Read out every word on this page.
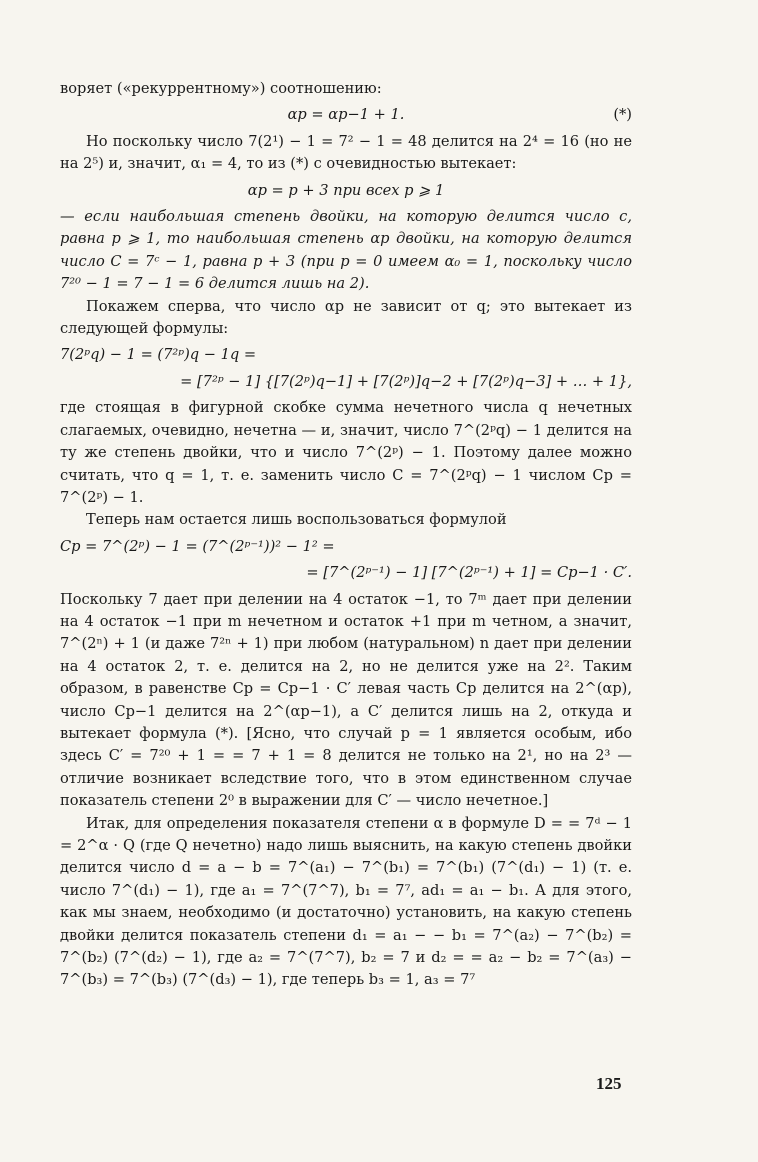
воряет («рекуррентному») соотношению:

αp = αp−1 + 1.	(*)

Но поскольку число 7(2¹) − 1 = 7² − 1 = 48 делится на 2⁴ = 16 (но не на 2⁵) и, значит, α₁ = 4, то из (*) с очевидностью вытекает:

αp = p + 3 при всех p ⩾ 1

— если наибольшая степень двойки, на которую делится число c, равна p ⩾ 1, то наибольшая степень αp двойки, на которую делится число C = 7ᶜ − 1, равна p + 3 (при p = 0 имеем α₀ = 1, поскольку число 7²⁰ − 1 = 7 − 1 = 6 делится лишь на 2).

Покажем сперва, что число αp не зависит от q; это вытекает из следующей формулы:

7(2ᵖq) − 1 = (7²ᵖ)q − 1q =
= [7²ᵖ − 1] {[7(2ᵖ)q−1] + [7(2ᵖ)]q−2 + [7(2ᵖ)q−3] + … + 1},

где стоящая в фигурной скобке сумма нечетного числа q нечетных слагаемых, очевидно, нечетна — и, значит, число 7^(2ᵖq) − 1 делится на ту же степень двойки, что и число 7^(2ᵖ) − 1. Поэтому далее можно считать, что q = 1, т. е. заменить число C = 7^(2ᵖq) − 1 числом Cp = 7^(2ᵖ) − 1.

Теперь нам остается лишь воспользоваться формулой

Cp = 7^(2ᵖ) − 1 = (7^(2ᵖ⁻¹))² − 1² =
= [7^(2ᵖ⁻¹) − 1] [7^(2ᵖ⁻¹) + 1] = Cp−1 · C′.

Поскольку 7 дает при делении на 4 остаток −1, то 7ᵐ дает при делении на 4 остаток −1 при m нечетном и остаток +1 при m четном, а значит, 7^(2ⁿ) + 1 (и даже 7²ⁿ + 1) при любом (натуральном) n дает при делении на 4 остаток 2, т. е. делится на 2, но не делится уже на 2². Таким образом, в равенстве Cp = Cp−1 · C′ левая часть Cp делится на 2^(αp), число Cp−1 делится на 2^(αp−1), а C′ делится лишь на 2, откуда и вытекает формула (*). [Ясно, что случай p = 1 является особым, ибо здесь C′ = 7²⁰ + 1 = = 7 + 1 = 8 делится не только на 2¹, но на 2³ — отличие возникает вследствие того, что в этом единственном случае показатель степени 2⁰ в выражении для C′ — число нечетное.]

Итак, для определения показателя степени α в формуле D = = 7ᵈ − 1 = 2^α · Q (где Q нечетно) надо лишь выяснить, на какую степень двойки делится число d = a − b = 7^(a₁) − 7^(b₁) = 7^(b₁) (7^(d₁) − 1) (т. е. число 7^(d₁) − 1), где a₁ = 7^(7^7), b₁ = 7⁷, ad₁ = a₁ − b₁. А для этого, как мы знаем, необходимо (и достаточно) установить, на какую степень двойки делится показатель степени d₁ = a₁ − − b₁ = 7^(a₂) − 7^(b₂) = 7^(b₂) (7^(d₂) − 1), где a₂ = 7^(7^7), b₂ = 7 и d₂ = = a₂ − b₂ = 7^(a₃) − 7^(b₃) = 7^(b₃) (7^(d₃) − 1), где теперь b₃ = 1, a₃ = 7⁷

125
